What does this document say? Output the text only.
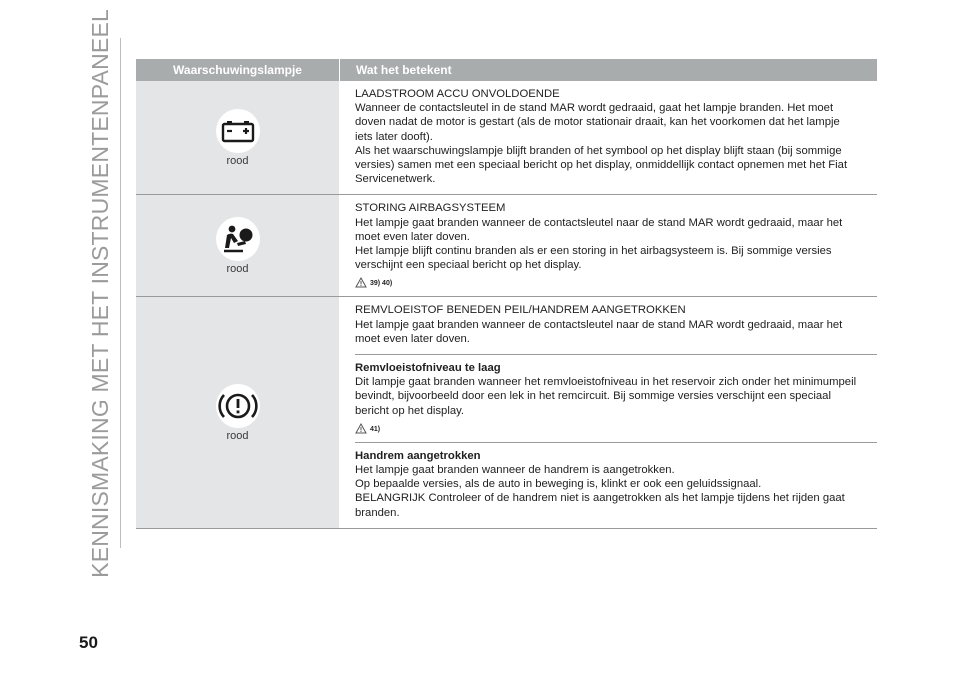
KENNISMAKING MET HET INSTRUMENTENPANEEL	Waarschuwingslampje	Wat het betekent
rood

LAADSTROOM ACCU ONVOLDOENDE

Wanneer de contactsleutel in de stand MAR wordt gedraaid, gaat het lampje branden. Het moet

doven nadat de motor is gestart (als de motor stationair draait, kan het voorkomen dat het lampje

iets later dooft).

Als het waarschuwingslampje blijft branden of het symbool op het display blijft staan (bij sommige

versies) samen met een speciaal bericht op het display, onmiddellijk contact opnemen met het Fiat

Servicenetwerk.

rood

STORING AIRBAGSYSTEEM

Het lampje gaat branden wanneer de contactsleutel naar de stand MAR wordt gedraaid, maar het

moet even later doven.

Het lampje blijft continu branden als er een storing in het airbagsysteem is. Bij sommige versies

verschijnt een speciaal bericht op het display.

39) 40)
rood

REMVLOEISTOF BENEDEN PEIL/HANDREM AANGETROKKEN

Het lampje gaat branden wanneer de contactsleutel naar de stand MAR wordt gedraaid, maar het

moet even later doven.

Remvloeistofniveau te laag

Dit lampje gaat branden wanneer het remvloeistofniveau in het reservoir zich onder het minimumpeil

bevindt, bijvoorbeeld door een lek in het remcircuit. Bij sommige versies verschijnt een speciaal

bericht op het display.

41)

Handrem aangetrokken

Het lampje gaat branden wanneer de handrem is aangetrokken.

Op bepaalde versies, als de auto in beweging is, klinkt er ook een geluidssignaal.

BELANGRIJK Controleer of de handrem niet is aangetrokken als het lampje tijdens het rijden gaat

branden.

50
